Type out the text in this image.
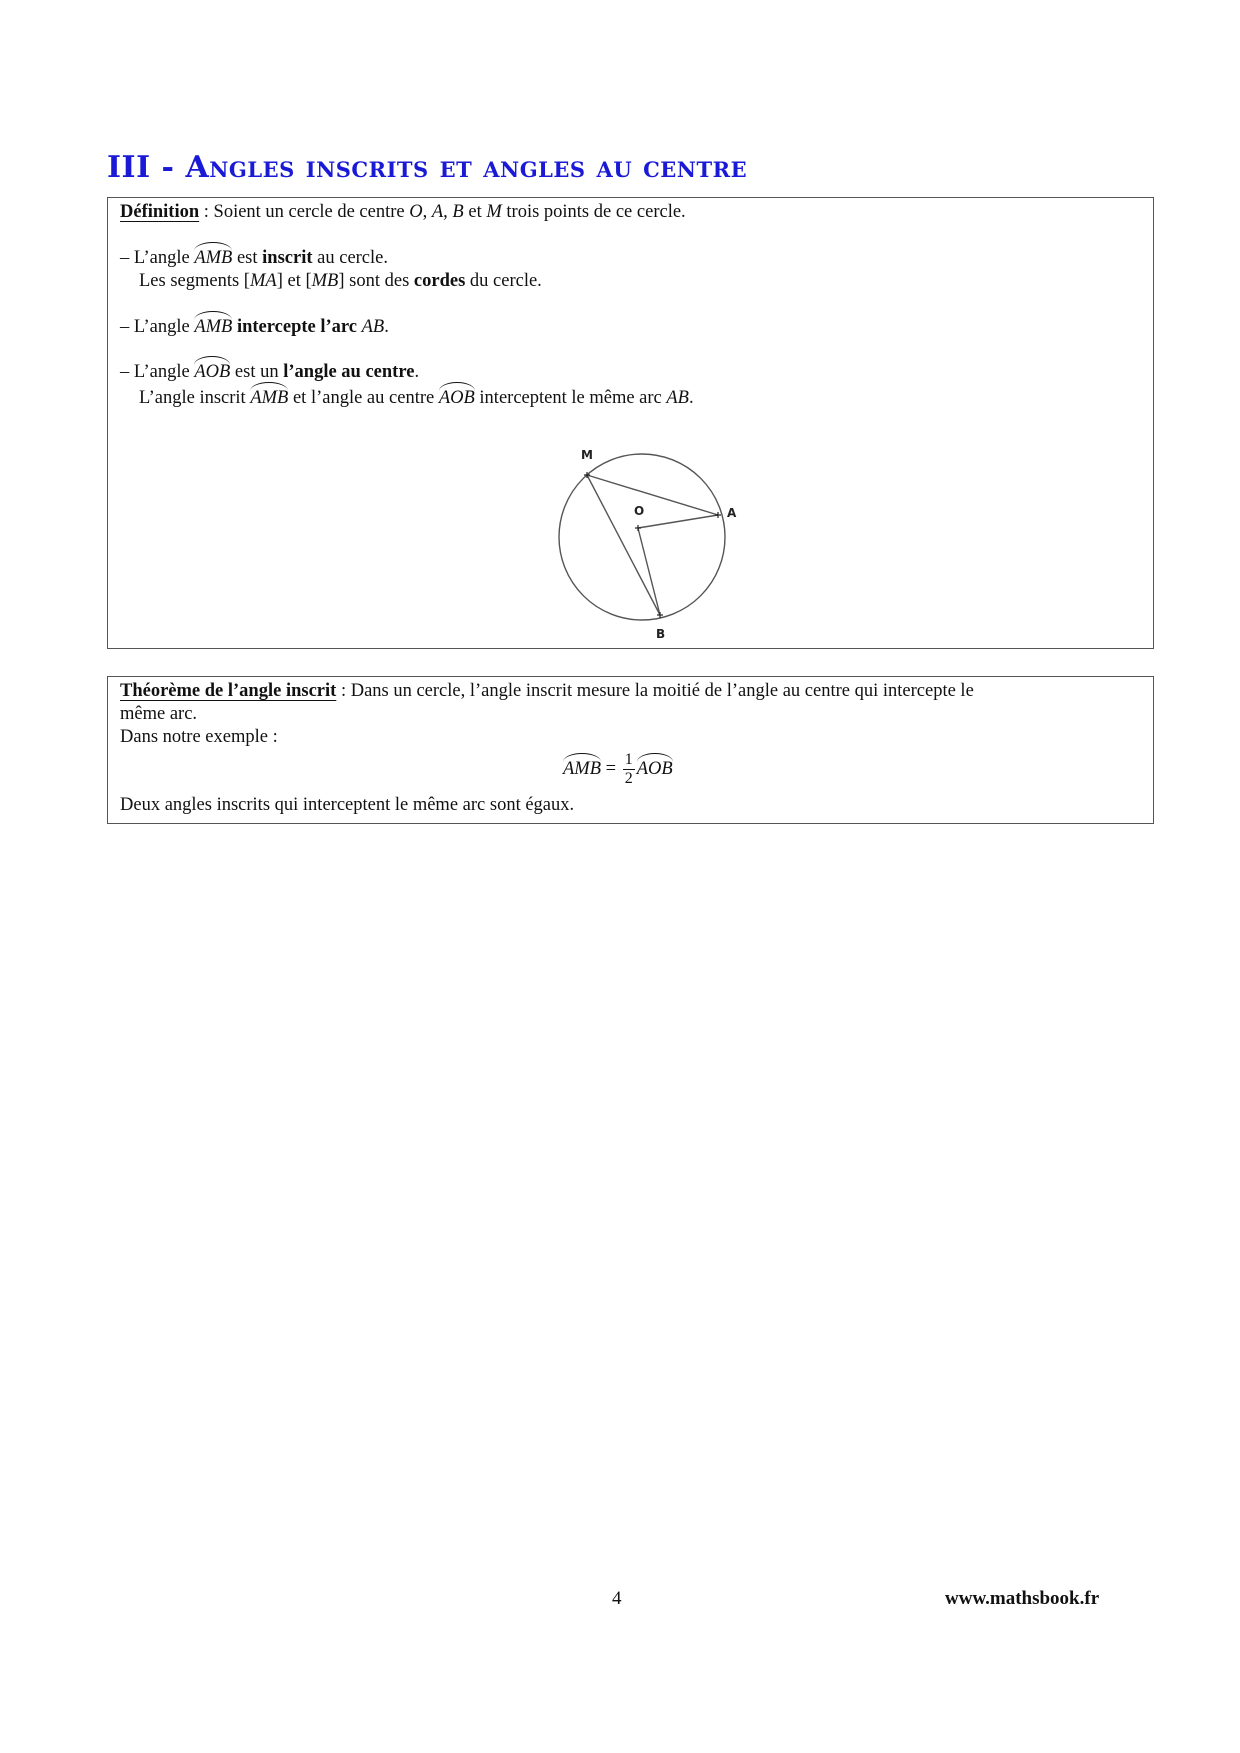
III - Angles inscrits et angles au centre
Définition : Soient un cercle de centre O, A, B et M trois points de ce cercle.
– L’angle AMB est inscrit au cercle.
Les segments [MA] et [MB] sont des cordes du cercle.
– L’angle AMB intercepte l’arc AB.
– L’angle AOB est un l’angle au centre.
L’angle inscrit AMB et l’angle au centre AOB interceptent le même arc AB.
M
O	A
B
Théorème de l’angle inscrit : Dans un cercle, l’angle inscrit mesure la moitié de l’angle au centre qui intercepte le
même arc.
Dans notre exemple :
AMB = $\frac{1}{2}$ AOB
Deux angles inscrits qui interceptent le même arc sont égaux.
4	www.mathsbook.fr
